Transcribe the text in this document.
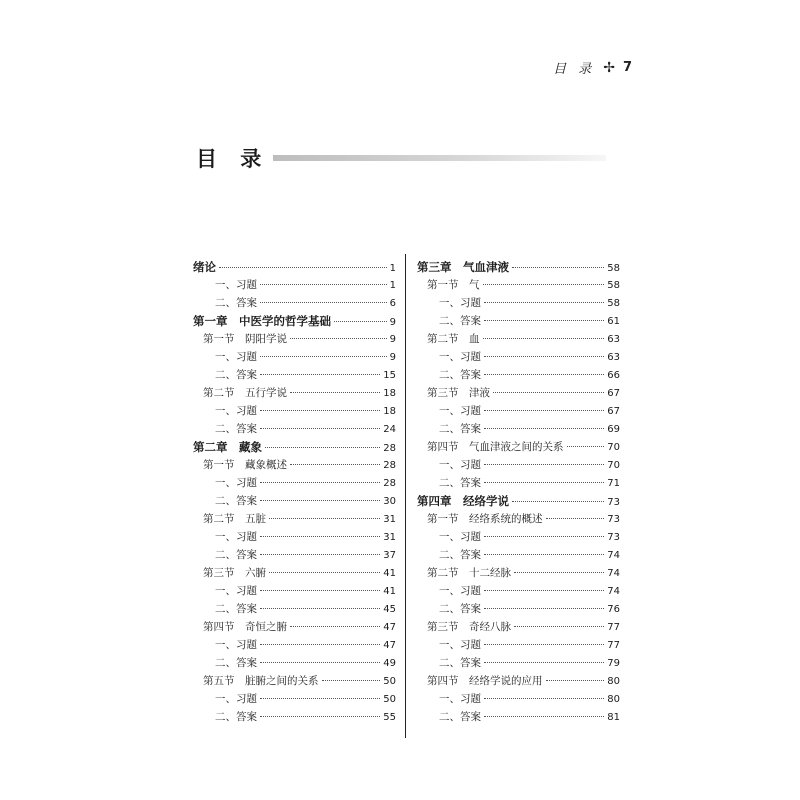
目 录 ✢ 7
目 录
绪论	1
一、习题	1
二、答案	6
第一章　中医学的哲学基础	9
第一节　阴阳学说	9
一、习题	9
二、答案	15
第二节　五行学说	18
一、习题	18
二、答案	24
第二章　藏象	28
第一节　藏象概述	28
一、习题	28
二、答案	30
第二节　五脏	31
一、习题	31
二、答案	37
第三节　六腑	41
一、习题	41
二、答案	45
第四节　奇恒之腑	47
一、习题	47
二、答案	49
第五节　脏腑之间的关系	50
一、习题	50
二、答案	55
第三章　气血津液	58
第一节　气	58
一、习题	58
二、答案	61
第二节　血	63
一、习题	63
二、答案	66
第三节　津液	67
一、习题	67
二、答案	69
第四节　气血津液之间的关系	70
一、习题	70
二、答案	71
第四章　经络学说	73
第一节　经络系统的概述	73
一、习题	73
二、答案	74
第二节　十二经脉	74
一、习题	74
二、答案	76
第三节　奇经八脉	77
一、习题	77
二、答案	79
第四节　经络学说的应用	80
一、习题	80
二、答案	81
